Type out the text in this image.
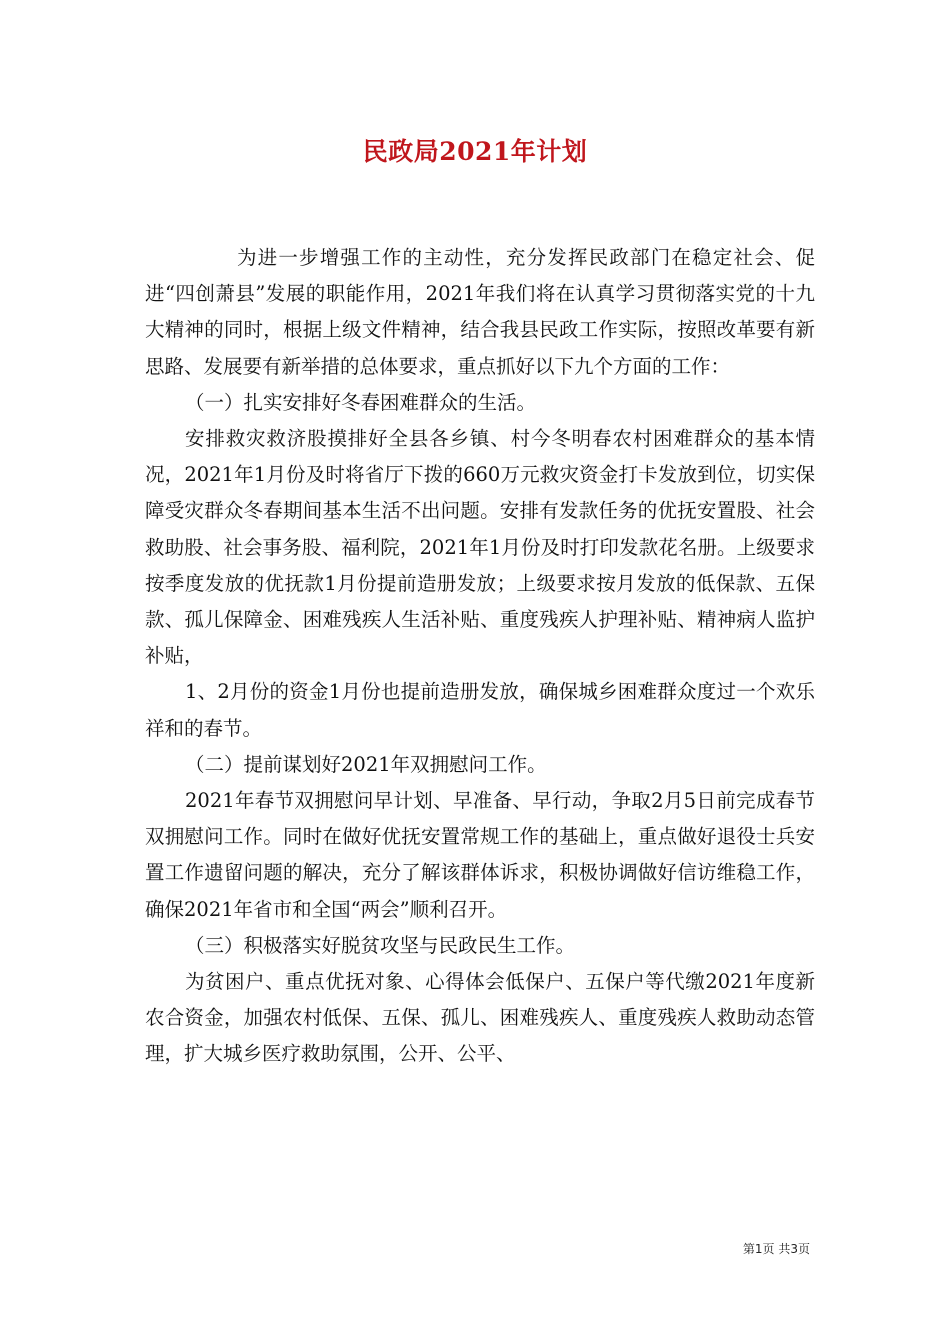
民政局2021年计划

为进一步增强工作的主动性，充分发挥民政部门在稳定社会、促进“四创萧县”发展的职能作用，2021年我们将在认真学习贯彻落实党的十九大精神的同时，根据上级文件精神，结合我县民政工作实际，按照改革要有新思路、发展要有新举措的总体要求，重点抓好以下九个方面的工作：

（一）扎实安排好冬春困难群众的生活。

安排救灾救济股摸排好全县各乡镇、村今冬明春农村困难群众的基本情况，2021年1月份及时将省厅下拨的660万元救灾资金打卡发放到位，切实保障受灾群众冬春期间基本生活不出问题。安排有发款任务的优抚安置股、社会救助股、社会事务股、福利院，2021年1月份及时打印发款花名册。上级要求按季度发放的优抚款1月份提前造册发放；上级要求按月发放的低保款、五保款、孤儿保障金、困难残疾人生活补贴、重度残疾人护理补贴、精神病人监护补贴，

1、2月份的资金1月份也提前造册发放，确保城乡困难群众度过一个欢乐祥和的春节。

（二）提前谋划好2021年双拥慰问工作。

2021年春节双拥慰问早计划、早准备、早行动，争取2月5日前完成春节双拥慰问工作。同时在做好优抚安置常规工作的基础上，重点做好退役士兵安置工作遗留问题的解决，充分了解该群体诉求，积极协调做好信访维稳工作，确保2021年省市和全国“两会”顺利召开。

（三）积极落实好脱贫攻坚与民政民生工作。

为贫困户、重点优抚对象、心得体会低保户、五保户等代缴2021年度新农合资金，加强农村低保、五保、孤儿、困难残疾人、重度残疾人救助动态管理，扩大城乡医疗救助氛围，公开、公平、

第1页 共3页
